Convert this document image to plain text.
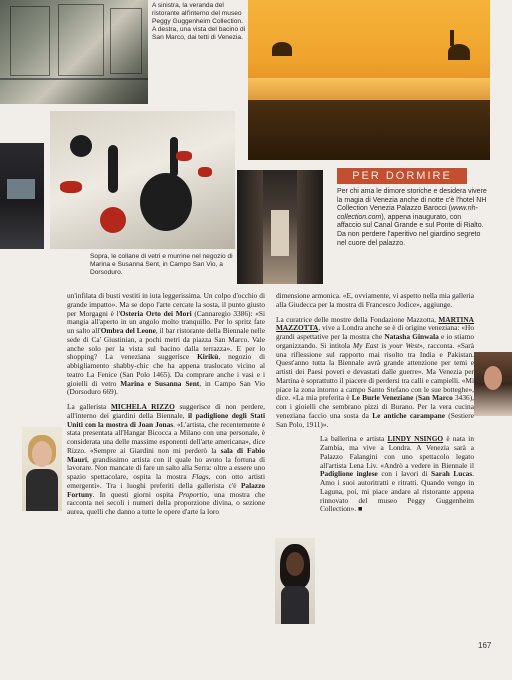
A sinistra, la veranda del ristorante all'interno del museo Peggy Guggenheim Collection. A destra, una vista del bacino di San Marco, dai tetti di Venezia.
Sopra, le collane di vetri e murrine nel negozio di Marina e Susanna Sent, in Campo San Vio, a Dorsoduro.
PER DORMIRE
Per chi ama le dimore storiche e desidera vivere la magia di Venezia anche di notte c'è l'hotel NH Collection Venezia Palazzo Barocci (www.nh-collection.com), appena inaugurato, con affaccio sul Canal Grande e sul Ponte di Rialto. Da non perdere l'aperitivo nel giardino segreto nel cuore del palazzo.

un'infilata di busti vestiti in iuta leggerissima. Un colpo d'occhio di grande impatto». Ma se dopo l'arte cercate la sosta, il punto giusto per Morgagni è l'Osteria Orto dei Mori (Cannaregio 3386): «Si mangia all'aperto in un angolo molto tranquillo. Per lo spritz fate un salto all'Ombra del Leone, il bar ristorante della Biennale nelle sede di Ca' Giustinian, a pochi metri da piazza San Marco. Vale anche solo per la vista sul bacino dalla terrazza». E per lo shopping? La veneziana suggerisce Kirikù, negozio di abbigliamento shabby-chic che ha appena traslocato vicino al teatro La Fenice (San Polo 1465). Da comprare anche i vasi e i gioielli di vetro Marina e Susanna Sent, in Campo San Vio (Dorsoduro 669).

La gallerista MICHELA RIZZO suggerisce di non perdere, all'interno dei giardini della Biennale, il padiglione degli Stati Uniti con la mostra di Joan Jonas. «L'artista, che recentemente è stata presentata all'Hangar Bicocca a Milano con una personale, è considerata una delle massime esponenti dell'arte americana», dice Rizzo. «Sempre ai Giardini non mi perderò la sala di Fabio Mauri, grandissimo artista con il quale ho avuto la fortuna di lavorare. Non mancate di fare un salto alla Serra: oltre a essere uno spazio spettacolare, ospita la mostra Flags, con otto artisti emergenti». Tra i luoghi preferiti della gallerista c'è Palazzo Fortuny. In questi giorni ospita Proportio, una mostra che racconta nei secoli i numeri della proporzione divina, o sezione aurea, quelli che danno a tutte le opere d'arte la loro

dimensione armonica. «E, ovviamente, vi aspetto nella mia galleria alla Giudecca per la mostra di Francesco Jodice», aggiunge.

La curatrice delle mostre della Fondazione Mazzotta, MARTINA MAZZOTTA, vive a Londra anche se è di origine veneziana: «Ho grandi aspettative per la mostra che Natasha Ginwala e io stiamo organizzando. Si intitola My East is your West», racconta. «Sarà una riflessione sul rapporto mai risolto tra India e Pakistan. Quest'anno tutta la Biennale avrà grande attenzione per temi e artisti dei Paesi poveri e devastati dalle guerre». Ma Venezia per Martina è soprattutto il piacere di perdersi tra calli e campielli. «Mi piace la zona intorno a campo Santo Stefano con le sue botteghe», dice. «La mia preferita è Le Burle Veneziane (San Marco 3436), con i gioielli che sembrano pizzi di Burano. Per la vera cucina veneziana faccio una sosta da Le antiche carampane (Sestiere San Polo, 1911)».

La ballerina e artista LINDY NSINGO è nata in Zambia, ma vive a Londra. A Venezia sarà a Palazzo Falangini con uno spettacolo legato all'artista Lena Liv. «Andrò a vedere in Biennale il Padiglione inglese con i lavori di Sarah Lucas. Amo i suoi autoritratti e ritratti. Quando vengo in Laguna, poi, mi piace andare al ristorante appena rinnovato del museo Peggy Guggenheim Collection». ■

167
